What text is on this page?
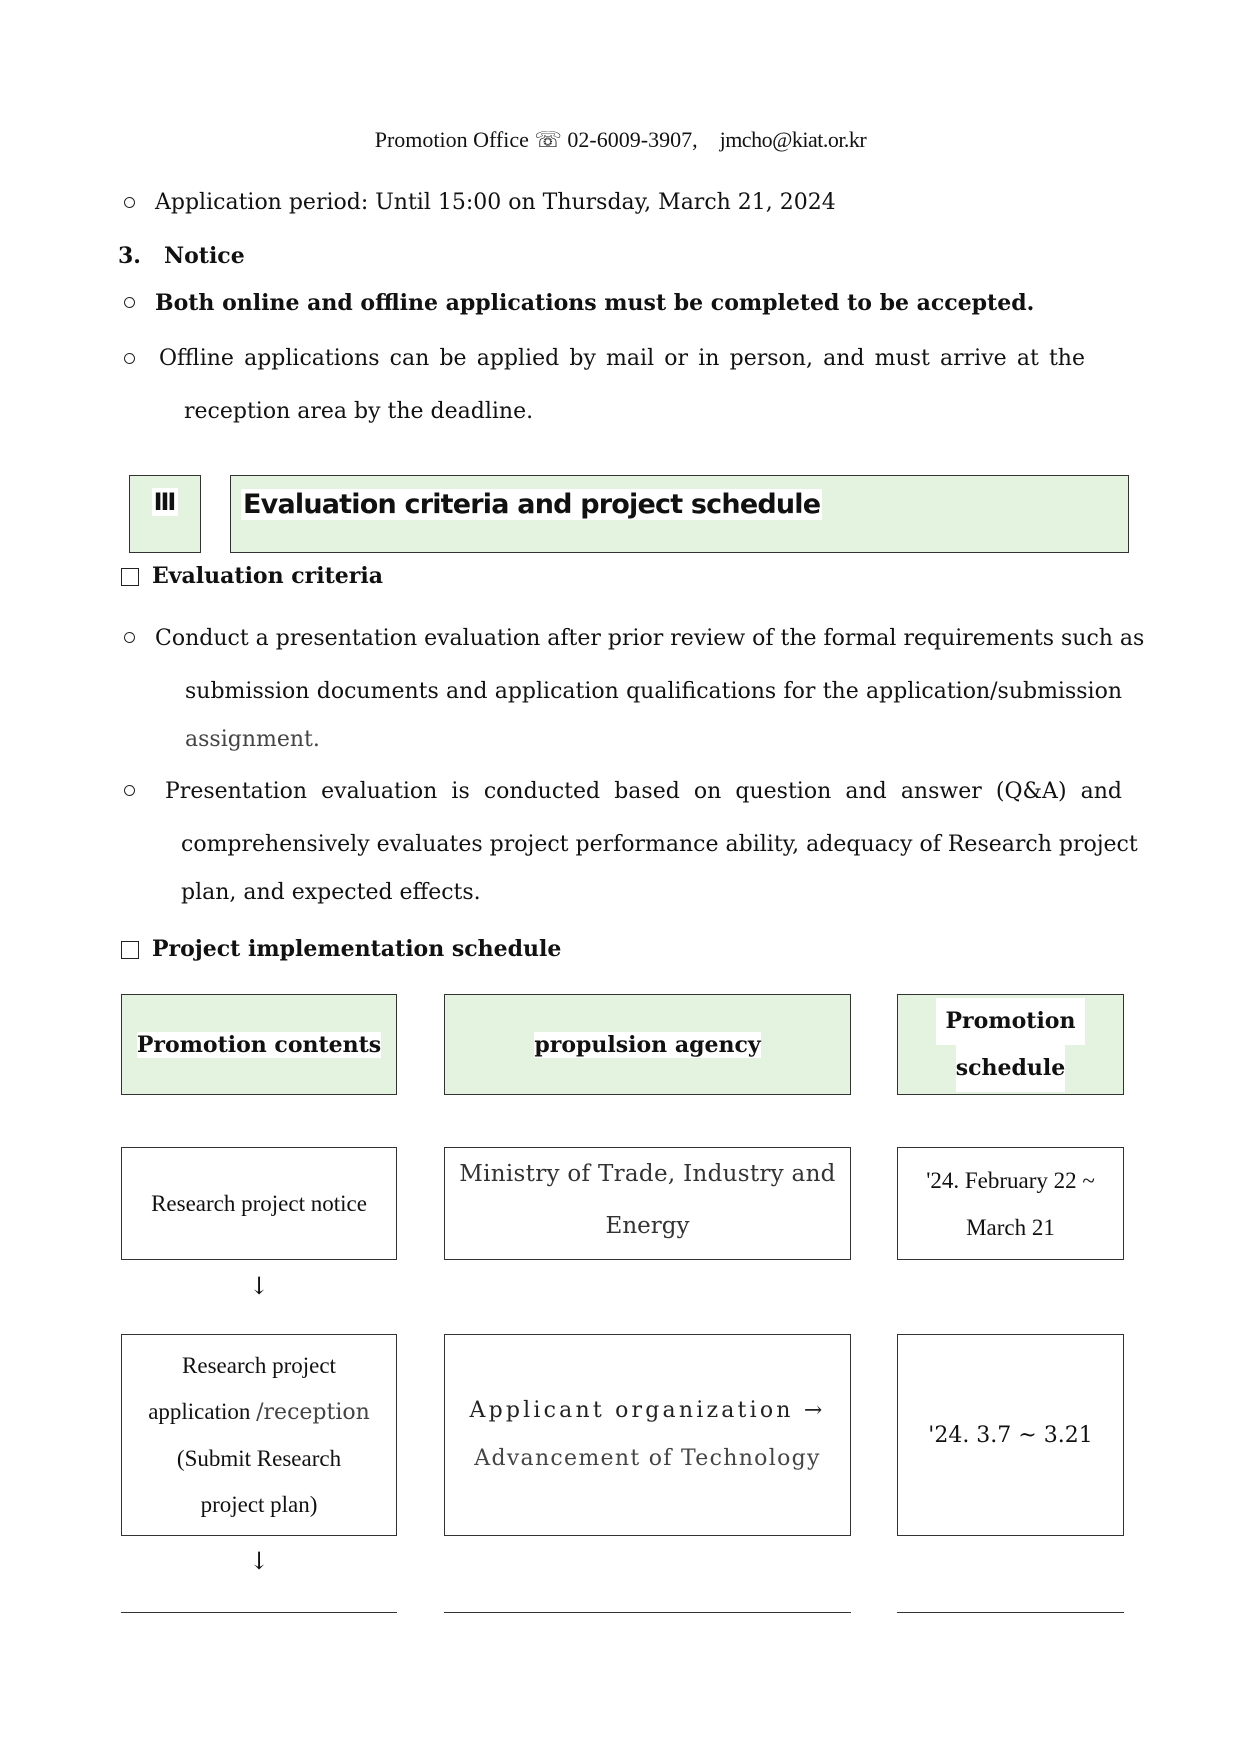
Promotion Office ☏ 02-6009-3907, jmcho@kiat.or.kr
Application period: Until 15:00 on Thursday, March 21, 2024
3. Notice
Both online and offline applications must be completed to be accepted.
Offline applications can be applied by mail or in person, and must arrive at the
reception area by the deadline.
Ⅲ Evaluation criteria and project schedule
Evaluation criteria
Conduct a presentation evaluation after prior review of the formal requirements such as
submission documents and application qualifications for the application/submission
assignment.
Presentation evaluation is conducted based on question and answer (Q&A) and
comprehensively evaluates project performance ability, adequacy of Research project
plan, and expected effects.
Project implementation schedule
Promotion contents	propulsion agency
Promotion
schedule
Research project notice
Ministry of Trade, Industry and
Energy
'24. February 22 ~
March 21
↓
Research project
application /reception
(Submit Research
project plan)
Applicant organization →
Advancement of Technology
'24. 3.7 ~ 3.21
↓
